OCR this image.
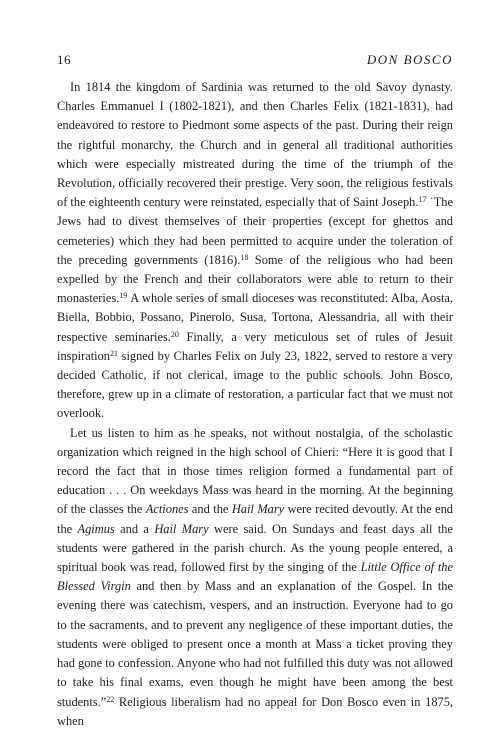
16	DON BOSCO

In 1814 the kingdom of Sardinia was returned to the old Savoy dynasty. Charles Emmanuel I (1802-1821), and then Charles Felix (1821-1831), had endeavored to restore to Piedmont some aspects of the past. During their reign the rightful monarchy, the Church and in general all traditional authorities which were especially mistreated during the time of the triumph of the Revolution, officially recovered their prestige. Very soon, the religious festivals of the eighteenth century were reinstated, especially that of Saint Joseph.$^{17}$ ˙The Jews had to divest themselves of their properties (except for ghettos and cemeteries) which they had been permitted to acquire under the toleration of the preceding governments (1816).$^{18}$ Some of the religious who had been expelled by the French and their collaborators were able to return to their monasteries.$^{19}$ A whole series of small dioceses was reconstituted: Alba, Aosta, Biella, Bobbio, Possano, Pinerolo, Susa, Tortona, Alessandria, all with their respective seminaries.$^{20}$ Finally, a very meticulous set of rules of Jesuit inspiration$^{21}$ signed by Charles Felix on July 23, 1822, served to restore a very decided Catholic, if not clerical, image to the public schools. John Bosco, therefore, grew up in a climate of restoration, a particular fact that we must not overlook.

Let us listen to him as he speaks, not without nostalgia, of the scholastic organization which reigned in the high school of Chieri: “Here it is good that I record the fact that in those times religion formed a fundamental part of education . . . On weekdays Mass was heard in the morning. At the beginning of the classes the Actiones and the Hail Mary were recited devoutly. At the end the Agimus and a Hail Mary were said. On Sundays and feast days all the students were gathered in the parish church. As the young people entered, a spiritual book was read, followed first by the singing of the Little Office of the Blessed Virgin and then by Mass and an explanation of the Gospel. In the evening there was catechism, vespers, and an instruction. Everyone had to go to the sacraments, and to prevent any negligence of these important duties, the students were obliged to present once a month at Mass a ticket proving they had gone to confession. Anyone who had not fulfilled this duty was not allowed to take his final exams, even though he might have been among the best students.”$^{22}$ Religious liberalism had no appeal for Don Bosco even in 1875, when
